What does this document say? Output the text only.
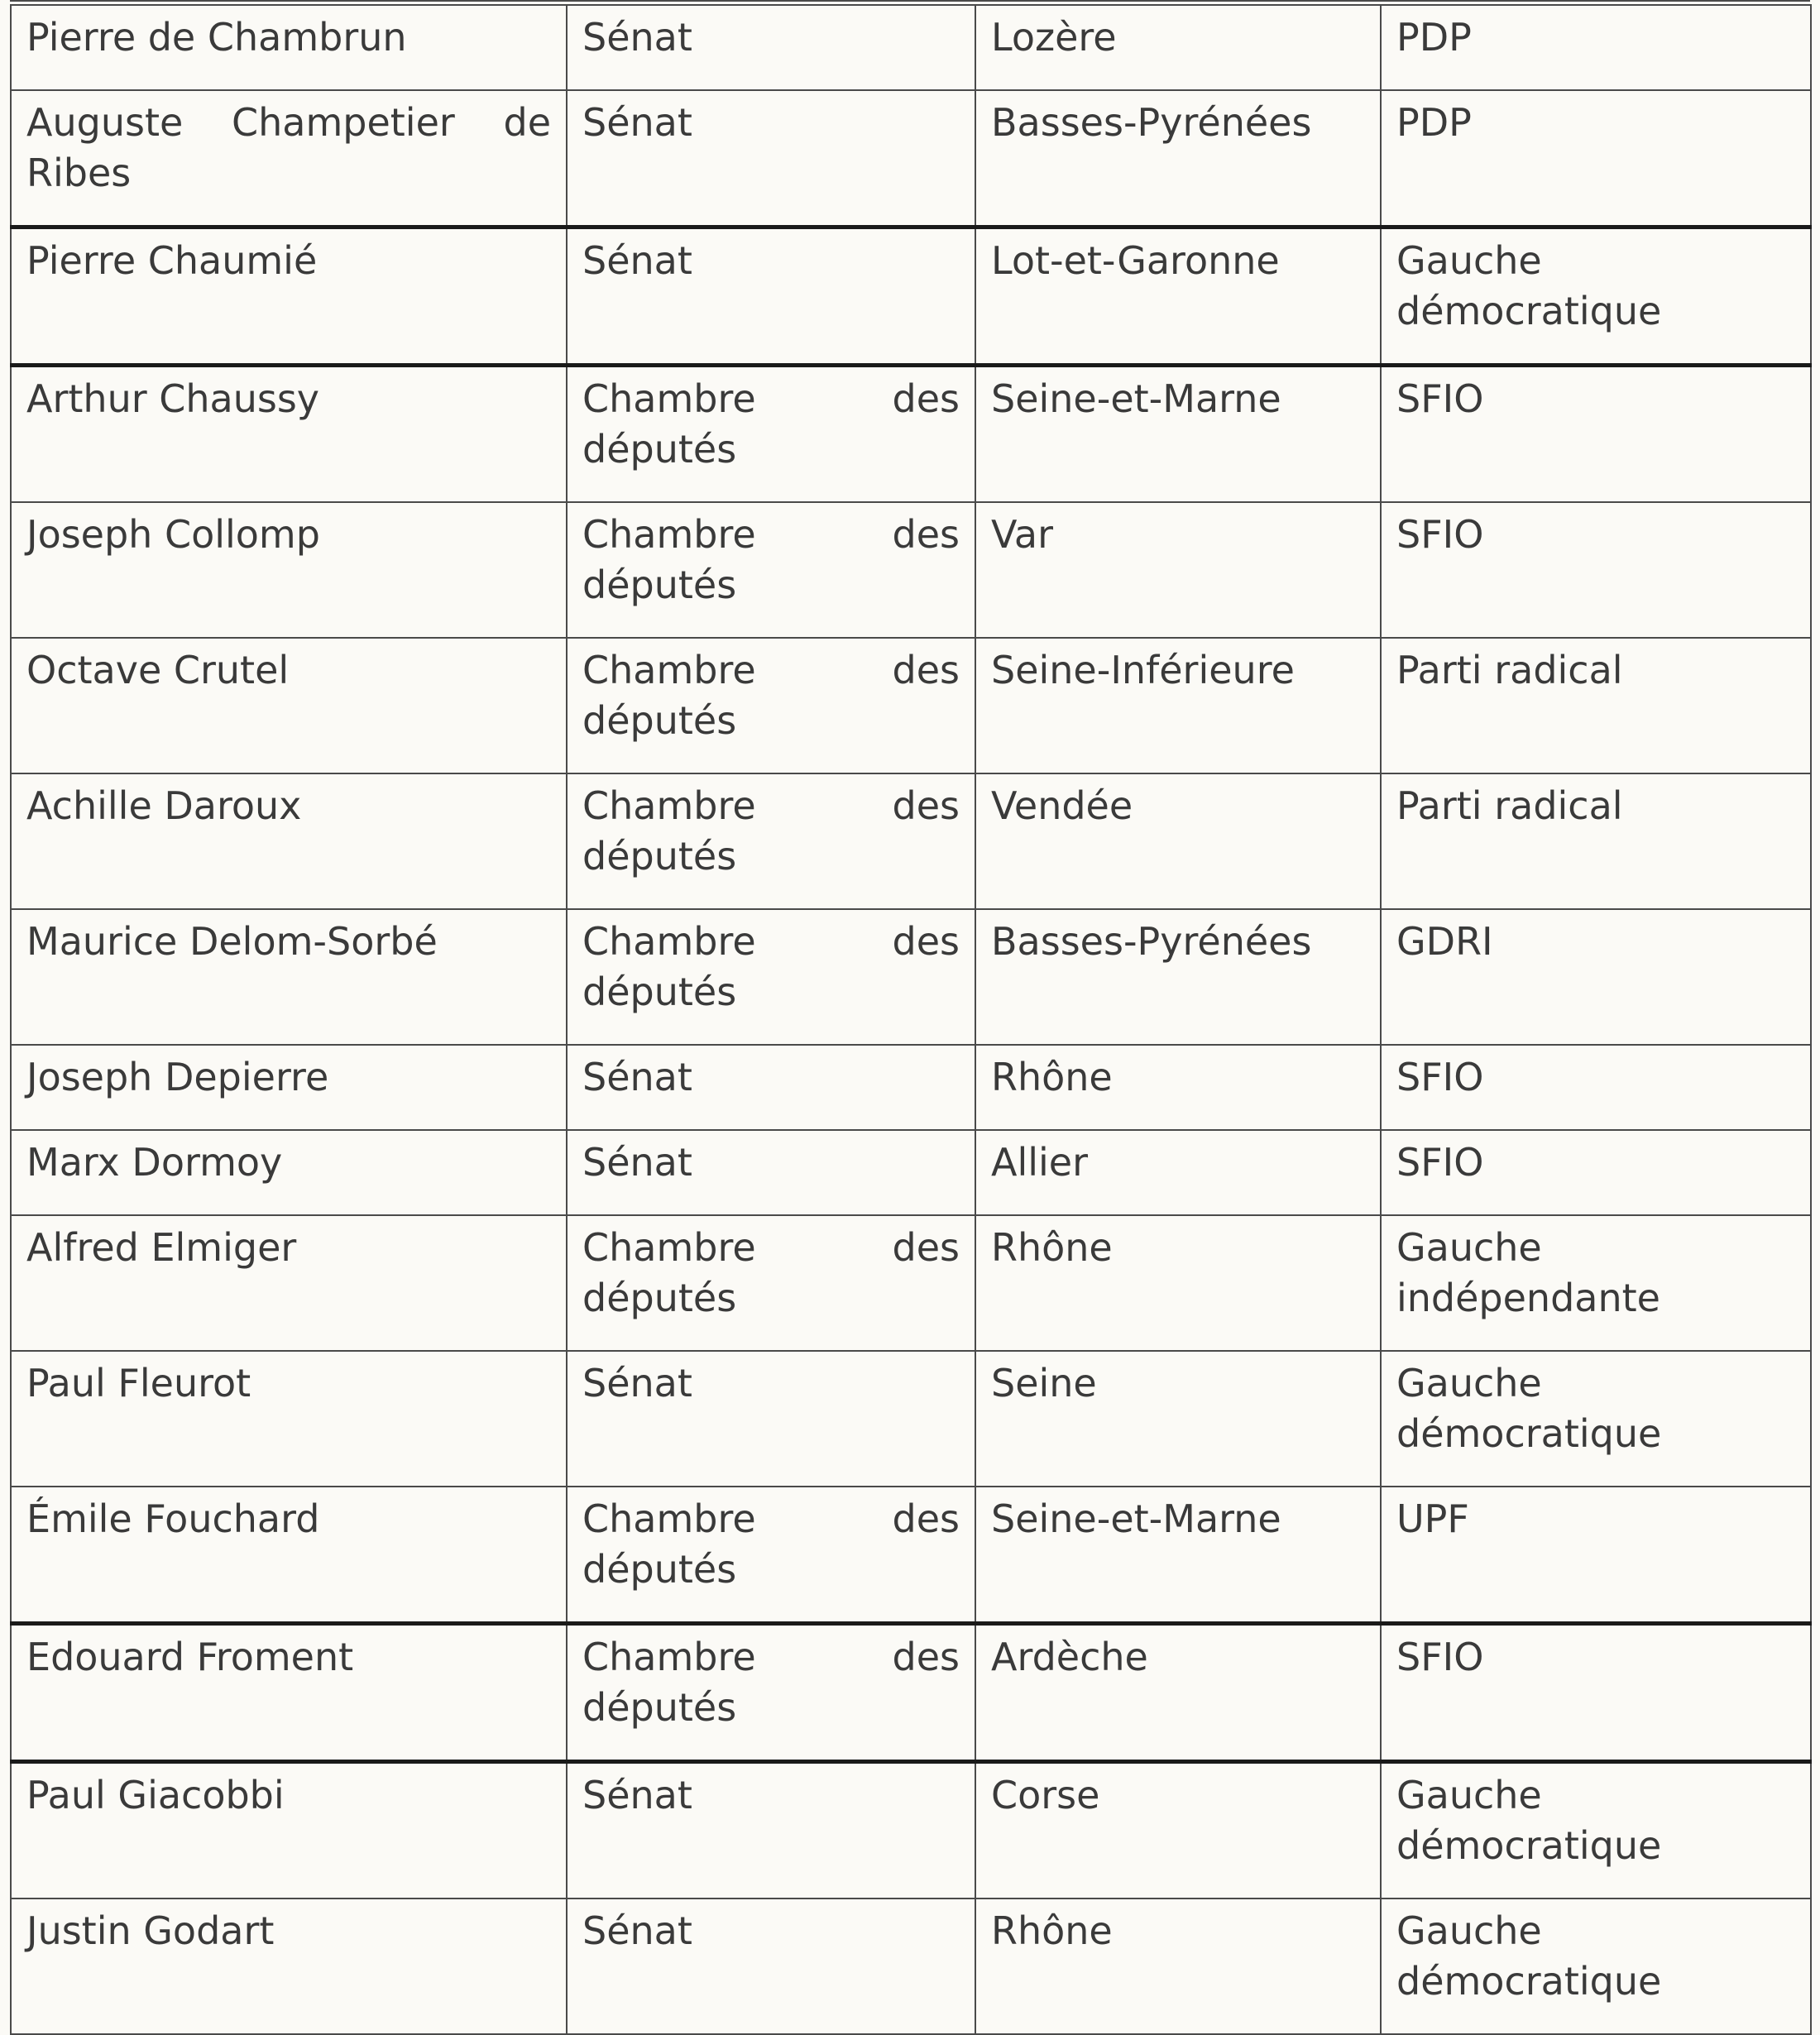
Pierre de Chambrun	Sénat	Lozère	PDP
Auguste Champetier de Ribes	Sénat	Basses-Pyrénées	PDP
Pierre Chaumié	Sénat	Lot-et-Garonne	Gauche démocratique
Arthur Chaussy	Chambre des députés	Seine-et-Marne	SFIO
Joseph Collomp	Chambre des députés	Var	SFIO
Octave Crutel	Chambre des députés	Seine-Inférieure	Parti radical
Achille Daroux	Chambre des députés	Vendée	Parti radical
Maurice Delom-Sorbé	Chambre des députés	Basses-Pyrénées	GDRI
Joseph Depierre	Sénat	Rhône	SFIO
Marx Dormoy	Sénat	Allier	SFIO
Alfred Elmiger	Chambre des députés	Rhône	Gauche indépendante
Paul Fleurot	Sénat	Seine	Gauche démocratique
Émile Fouchard	Chambre des députés	Seine-et-Marne	UPF
Edouard Froment	Chambre des députés	Ardèche	SFIO
Paul Giacobbi	Sénat	Corse	Gauche démocratique
Justin Godart	Sénat	Rhône	Gauche démocratique
